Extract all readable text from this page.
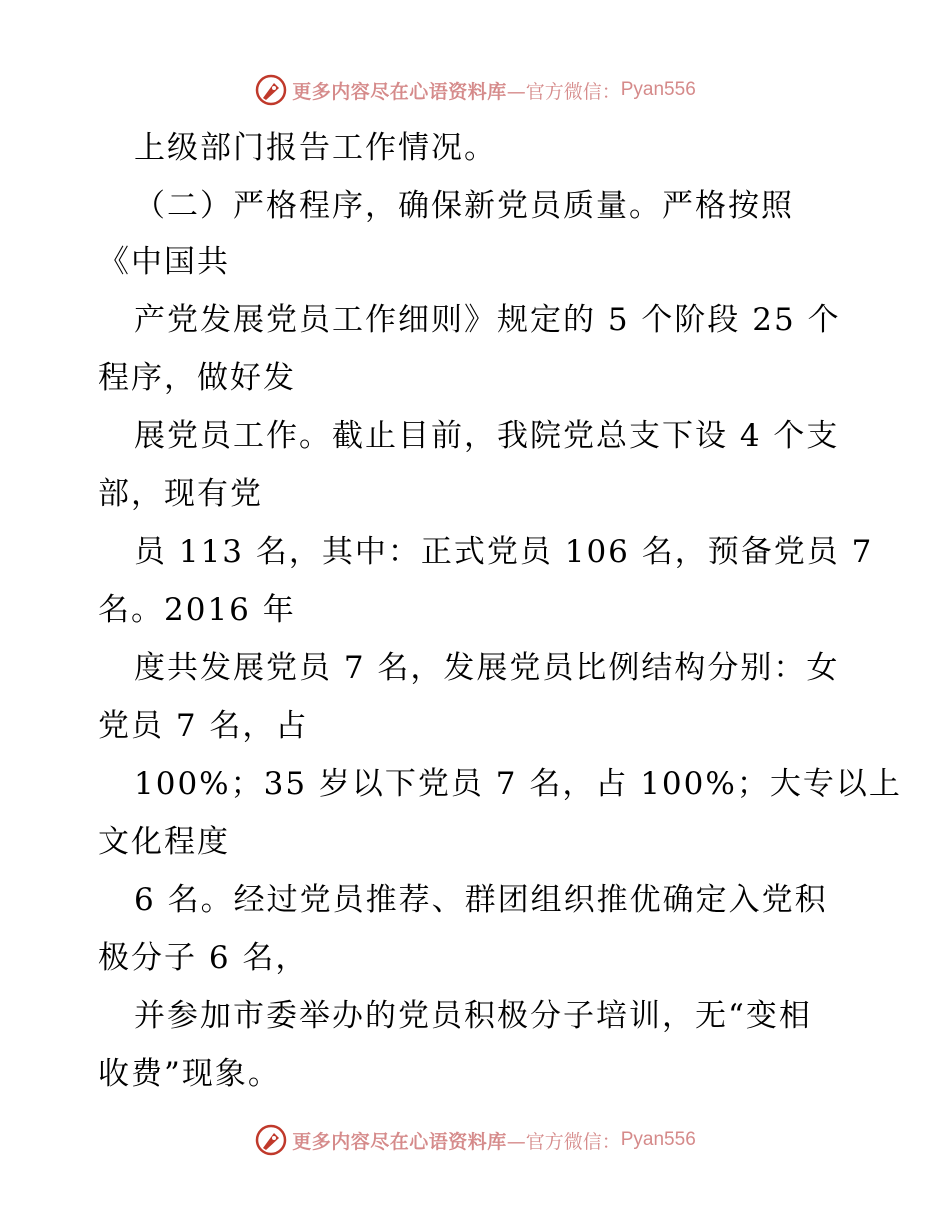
更多内容尽在心语资料库 —官方微信： Pyan556
上级部门报告工作情况。
（二）严格程序，确保新党员质量。严格按照
《中国共
产党发展党员工作细则》规定的 5 个阶段 25 个
程序，做好发
展党员工作。截止目前，我院党总支下设 4 个支
部，现有党
员 113 名，其中：正式党员 106 名，预备党员 7
名。2016 年
度共发展党员 7 名，发展党员比例结构分别：女
党员 7 名，占
100%；35 岁以下党员 7 名，占 100%；大专以上
文化程度
6 名。经过党员推荐、群团组织推优确定入党积
极分子 6 名，
并参加市委举办的党员积极分子培训，无“变相
收费”现象。
更多内容尽在心语资料库 —官方微信： Pyan556
